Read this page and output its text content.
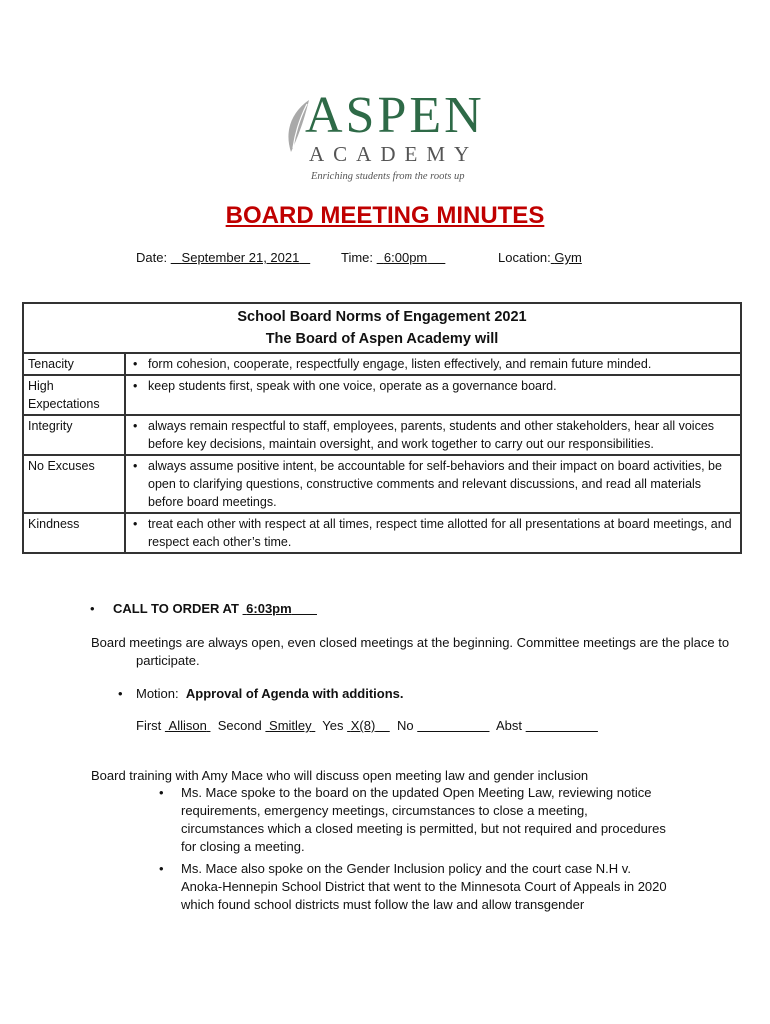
ASPEN
ACADEMY
Enriching students from the roots up
BOARD MEETING MINUTES
Date: September 21, 2021	Time: 6:00pm	Location: Gym
School Board Norms of Engagement 2021
The Board of Aspen Academy will	

Tenacity	• form cohesion, cooperate, respectfully engage, listen effectively, and remain future minded.
High Expectations	• keep students first, speak with one voice, operate as a governance board.
Integrity	• always remain respectful to staff, employees, parents, students and other stakeholders, hear all voices before key decisions, maintain oversight, and work together to carry out our responsibilities.
No Excuses	• always assume positive intent, be accountable for self-behaviors and their impact on board activities, be open to clarifying questions, constructive comments and relevant discussions, and read all materials before board meetings.
Kindness	• treat each other with respect at all times, respect time allotted for all presentations at board meetings, and respect each other’s time.
• CALL TO ORDER AT 6:03pm
Board meetings are always open, even closed meetings at the beginning. Committee meetings are the place to participate.
• Motion: Approval of Agenda with additions.
First Allison Second Smitley Yes X(8) No	Abst
Board training with Amy Mace who will discuss open meeting law and gender inclusion
• Ms. Mace spoke to the board on the updated Open Meeting Law, reviewing notice requirements, emergency meetings, circumstances to close a meeting, circumstances which a closed meeting is permitted, but not required and procedures for closing a meeting.
• Ms. Mace also spoke on the Gender Inclusion policy and the court case N.H v. Anoka-Hennepin School District that went to the Minnesota Court of Appeals in 2020 which found school districts must follow the law and allow transgender
